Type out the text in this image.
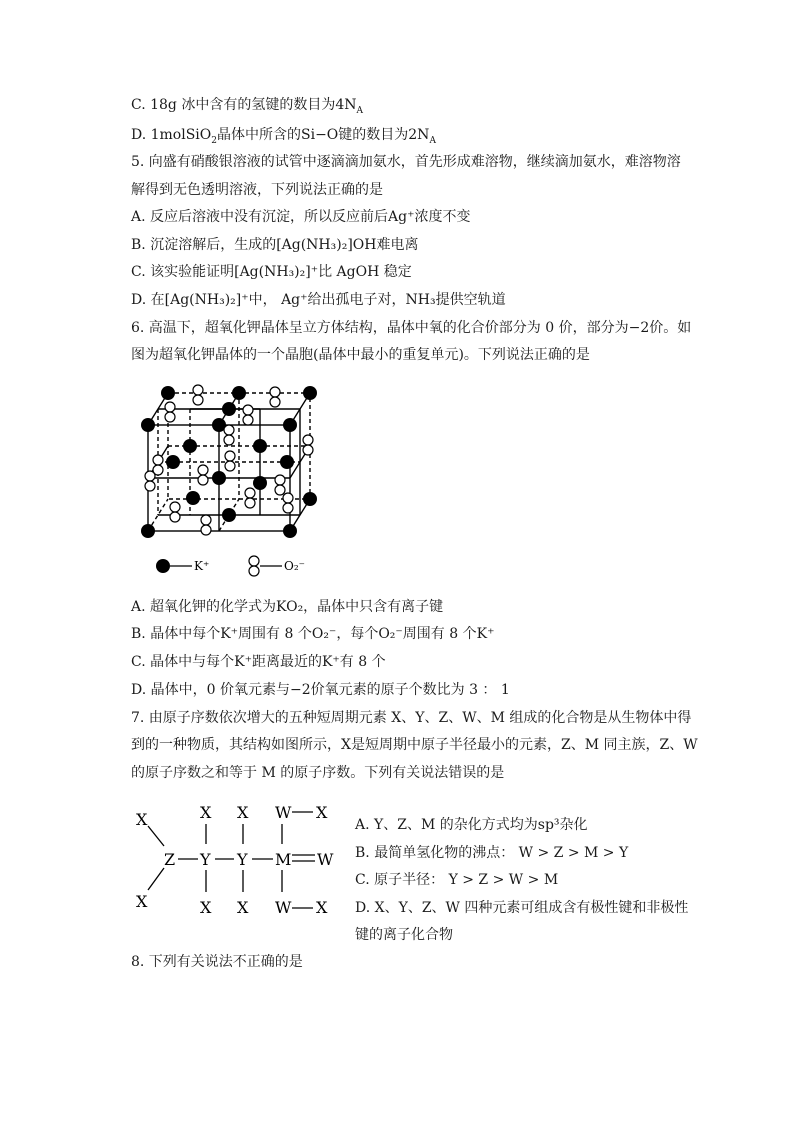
C. 18g 冰中含有的氢键的数目为$4N_A$
D. 1molSiO$_2$晶体中所含的Si−O键的数目为$2N_A$
5. 向盛有硝酸银溶液的试管中逐滴滴加氨水，首先形成难溶物，继续滴加氨水，难溶物溶
解得到无色透明溶液，下列说法正确的是
A. 反应后溶液中没有沉淀，所以反应前后Ag⁺浓度不变
B. 沉淀溶解后，生成的[Ag(NH₃)₂]OH难电离
C. 该实验能证明[Ag(NH₃)₂]⁺比 AgOH 稳定
D. 在[Ag(NH₃)₂]⁺中， Ag⁺给出孤电子对，NH₃提供空轨道
6. 高温下，超氧化钾晶体呈立方体结构，晶体中氧的化合价部分为 0 价，部分为−2价。如
图为超氧化钾晶体的一个晶胞(晶体中最小的重复单元)。下列说法正确的是
K⁺	O₂⁻
A. 超氧化钾的化学式为KO₂，晶体中只含有离子键
B. 晶体中每个K⁺周围有 8 个O₂⁻，每个O₂⁻周围有 8 个K⁺
C. 晶体中与每个K⁺距离最近的K⁺有 8 个
D. 晶体中，0 价氧元素与−2价氧元素的原子个数比为 3 ： 1
7. 由原子序数依次增大的五种短周期元素 X、Y、Z、W、M 组成的化合物是从生物体中得
到的一种物质，其结构如图所示，X是短周期中原子半径最小的元素，Z、M 同主族，Z、W
的原子序数之和等于 M 的原子序数。下列有关说法错误的是
X
X
Z Y Y M W
X X
X X
W
W
X
X
A. Y、Z、M 的杂化方式均为sp³杂化
B. 最简单氢化物的沸点： W > Z > M > Y
C. 原子半径： Y > Z > W > M
D. X、Y、Z、W 四种元素可组成含有极性键和非极性
键的离子化合物
8. 下列有关说法不正确的是
